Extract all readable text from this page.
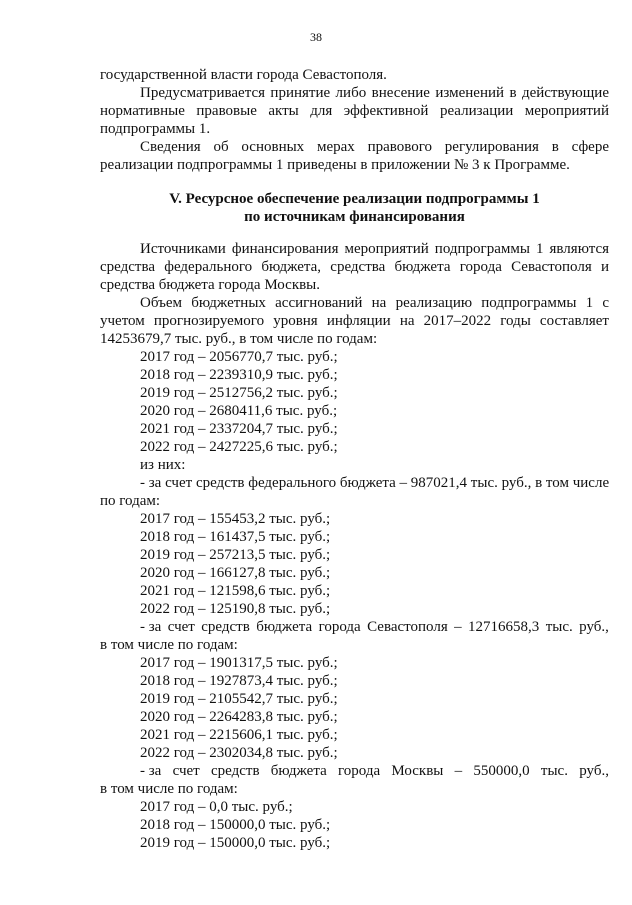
38

государственной власти города Севастополя.

Предусматривается принятие либо внесение изменений в действующие нормативные правовые акты для эффективной реализации мероприятий подпрограммы 1.

Сведения об основных мерах правового регулирования в сфере реализации подпрограммы 1 приведены в приложении № 3 к Программе.

V. Ресурсное обеспечение реализации подпрограммы 1

по источникам финансирования

Источниками финансирования мероприятий подпрограммы 1 являются средства федерального бюджета, средства бюджета города Севастополя и средства бюджета города Москвы.

Объем бюджетных ассигнований на реализацию подпрограммы 1 с учетом прогнозируемого уровня инфляции на 2017–2022 годы составляет 14253679,7 тыс. руб., в том числе по годам:

2017 год – 2056770,7 тыс. руб.;

2018 год – 2239310,9 тыс. руб.;

2019 год – 2512756,2 тыс. руб.;

2020 год – 2680411,6 тыс. руб.;

2021 год – 2337204,7 тыс. руб.;

2022 год – 2427225,6 тыс. руб.;

из них:

- за счет средств федерального бюджета – 987021,4 тыс. руб., в том числе

по годам:

2017 год – 155453,2 тыс. руб.;

2018 год – 161437,5 тыс. руб.;

2019 год – 257213,5 тыс. руб.;

2020 год – 166127,8 тыс. руб.;

2021 год – 121598,6 тыс. руб.;

2022 год – 125190,8 тыс. руб.;

- за счет средств бюджета города Севастополя – 12716658,3 тыс. руб.,

в том числе по годам:

2017 год – 1901317,5 тыс. руб.;

2018 год – 1927873,4 тыс. руб.;

2019 год – 2105542,7 тыс. руб.;

2020 год – 2264283,8 тыс. руб.;

2021 год – 2215606,1 тыс. руб.;

2022 год – 2302034,8 тыс. руб.;

- за счет средств бюджета города Москвы – 550000,0 тыс. руб.,

в том числе по годам:

2017 год – 0,0 тыс. руб.;

2018 год – 150000,0 тыс. руб.;

2019 год – 150000,0 тыс. руб.;
